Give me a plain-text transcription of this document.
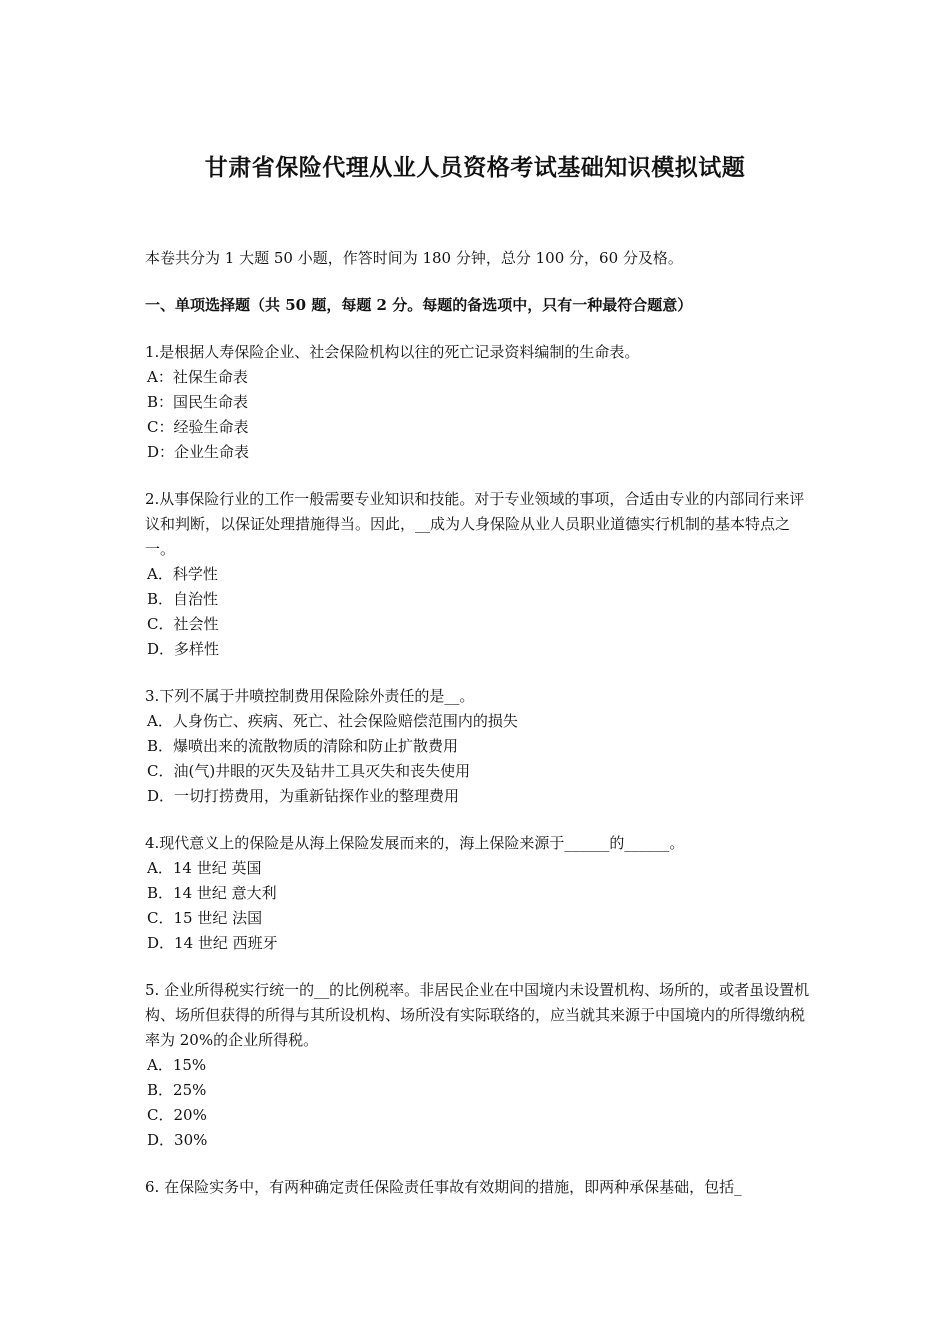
甘肃省保险代理从业人员资格考试基础知识模拟试题

本卷共分为 1 大题 50 小题，作答时间为 180 分钟，总分 100 分，60 分及格。

一、单项选择题（共 50 题，每题 2 分。每题的备选项中，只有一种最符合题意）

1.是根据人寿保险企业、社会保险机构以往的死亡记录资料编制的生命表。

A：社保生命表
B：国民生命表
C：经验生命表
D：企业生命表

2.从事保险行业的工作一般需要专业知识和技能。对于专业领域的事项，合适由专业的内部同行来评议和判断，以保证处理措施得当。因此，__成为人身保险从业人员职业道德实行机制的基本特点之一。

A．科学性
B．自治性
C．社会性
D．多样性

3.下列不属于井喷控制费用保险除外责任的是__。

A．人身伤亡、疾病、死亡、社会保险赔偿范围内的损失
B．爆喷出来的流散物质的清除和防止扩散费用
C．油(气)井眼的灭失及钻井工具灭失和丧失使用
D．一切打捞费用，为重新钻探作业的整理费用

4.现代意义上的保险是从海上保险发展而来的，海上保险来源于______的______。

A．14 世纪 英国
B．14 世纪 意大利
C．15 世纪 法国
D．14 世纪 西班牙

5. 企业所得税实行统一的__的比例税率。非居民企业在中国境内未设置机构、场所的，或者虽设置机构、场所但获得的所得与其所设机构、场所没有实际联络的，应当就其来源于中国境内的所得缴纳税率为 20%的企业所得税。

A．15%
B．25%
C．20%
D．30%

6. 在保险实务中，有两种确定责任保险责任事故有效期间的措施，即两种承保基础，包括_
